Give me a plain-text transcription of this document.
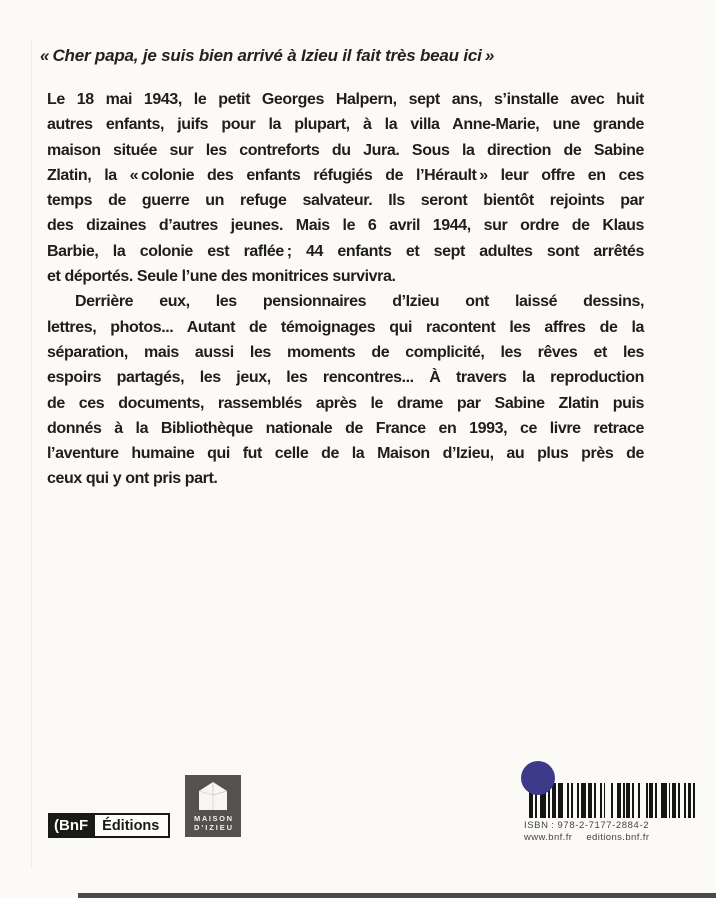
« Cher papa, je suis bien arrivé à Izieu il fait très beau ici »
Le 18 mai 1943, le petit Georges Halpern, sept ans, s’installe avec huit
autres enfants, juifs pour la plupart, à la villa Anne-Marie, une grande
maison située sur les contreforts du Jura. Sous la direction de Sabine
Zlatin, la « colonie des enfants réfugiés de l’Hérault » leur offre en ces
temps de guerre un refuge salvateur. Ils seront bientôt rejoints par
des dizaines d’autres jeunes. Mais le 6 avril 1944, sur ordre de Klaus
Barbie, la colonie est raflée ; 44 enfants et sept adultes sont arrêtés
et déportés. Seule l’une des monitrices survivra.
Derrière eux, les pensionnaires d’Izieu ont laissé dessins,
lettres, photos... Autant de témoignages qui racontent les affres de la
séparation, mais aussi les moments de complicité, les rêves et les
espoirs partagés, les jeux, les rencontres... À travers la reproduction
de ces documents, rassemblés après le drame par Sabine Zlatin puis
donnés à la Bibliothèque nationale de France en 1993, ce livre retrace
l’aventure humaine qui fut celle de la Maison d’Izieu, au plus près de
ceux qui y ont pris part.
(BnF Éditions	MAISON
D’IZIEU	ISBN : 978-2-7177-2884-2
www.bnf.fr editions.bnf.fr
